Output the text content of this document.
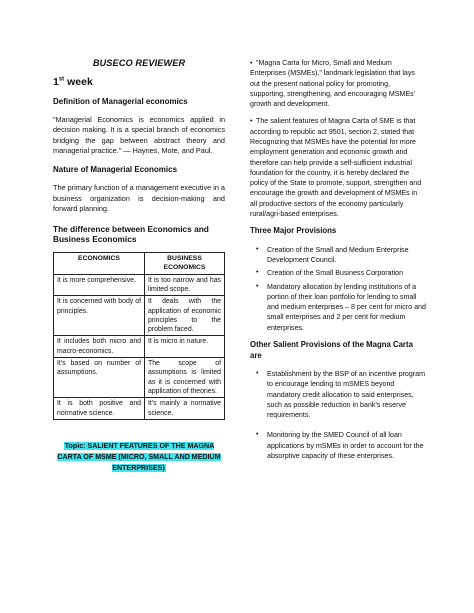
BUSECO REVIEWER
1st week
Definition of Managerial economics

"Managerial Economics is economics applied in decision making. It is a special branch of economics bridging the gap between abstract theory and managerial practice." — Haynes, Mote, and Paul.

Nature of Managerial Economics

The primary function of a management executive in a business organization is decision-making and forward planning.

The difference between Economics and Business Economics
ECONOMICS	BUSINESS ECONOMICS
It is more comprehensive.	It is too narrow and has limited scope.
It is concerned with body of principles.	It deals with the application of economic principles to the problem faced.
It includes both micro and macro-economics.	It is micro in nature.
It's based on number of assumptions.	The scope of assumptions is limited as it is concerned with application of theories.
It is both positive and normative science.	It's mainly a normative science.
Topic: SALIENT FEATURES OF THE MAGNA CARTA OF MSME (MICRO, SMALL AND MEDIUM ENTERPRISES)

• "Magna Carta for Micro, Small and Medium Enterprises (MSMEs)," landmark legislation that lays out the present national policy for promoting, supporting, strengthening, and encouraging MSMEs' growth and development.

• The salient features of Magna Carta of SME is that according to republic act 9501, section 2, stated that Recognizing that MSMEs have the potential for more employment generation and economic growth and therefore can help provide a self-sufficient industrial foundation for the country, it is hereby declared the policy of the State to promote, support, strengthen and encourage the growth and development of MSMEs in all productive sectors of the economy particularly rural/agri-based enterprises.

Three Major Provisions
• Creation of the Small and Medium Enterprise Development Council.
• Creation of the Small Business Corporation
• Mandatory allocation by lending institutions of a portion of their loan portfolio for lending to small and medium enterprises – 8 per cent for micro and small enterprises and 2 per cent for medium enterprises.
Other Salient Provisions of the Magna Carta are
• Establishment by the BSP of an incentive program to encourage lending to mSMES beyond mandatory credit allocation to said enterprises, such as possible reduction in bank's reserve requirements.
• Monitoring by the SMED Council of all loan applications by mSMEs in order to account for the absorptive capacity of these enterprises.
